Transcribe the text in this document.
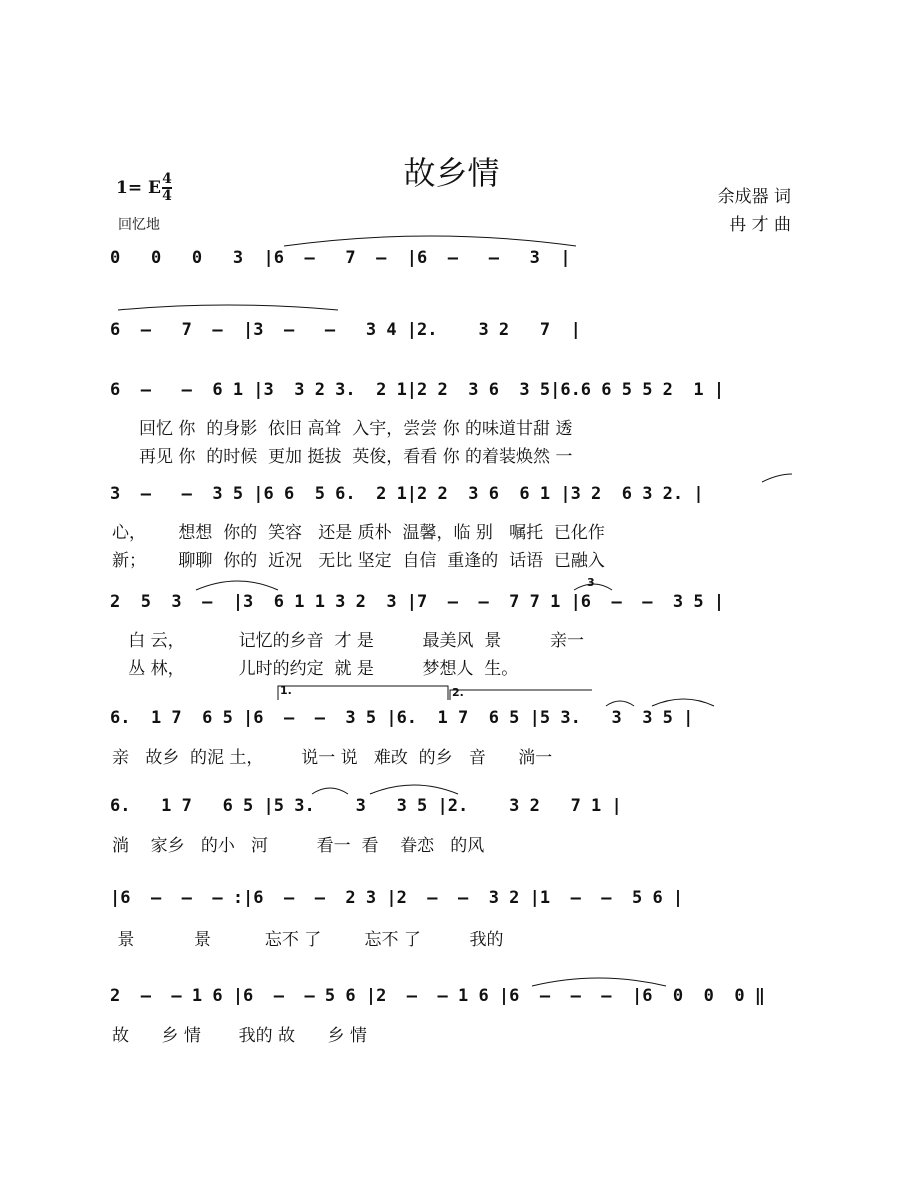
故乡情
1= E 4
4
回忆地
余成器 词
冉 才 曲
0   0   0   3  |6  –   7  –  |6  –   –   3  |
6  –   7  –  |3  –   –   3 4 |2.    3 2   7  |
6  –   –  6 1 |3  3 2 3.  2 1|2 2  3 6  3 5|6.6 6 5 5 2  1 |
回忆 你  的身影  依旧 高耸  入宇，尝尝 你 的味道甘甜 透
再见 你  的时候  更加 挺拔  英俊，看看 你 的着装焕然 一
3  –   –  3 5 |6 6  5 6.  2 1|2 2  3 6  6 1 |3 2  6 3 2. |
心，      想想  你的  笑容   还是 质朴  温馨，临 别   嘱托  已化作
新；      聊聊  你的  近况   无比 坚定  自信  重逢的  话语  已融入
2  5  3  –  |3  6 1 1 3 2  3 |7  –  –  7 7 1 |6  –  –  3 5 |
白 云，          记忆的乡音  才 是         最美风  景         亲一
丛 林，          儿时的约定  就 是         梦想人  生。
6.  1 7  6 5 |6  –  –  3 5 |6.  1 7  6 5 |5 3.   3  3 5 |
亲   故乡  的泥 土，       说一 说   难改  的乡   音      淌一
6.   1 7   6 5 |5 3.    3   3 5 |2.    3 2   7 1 |
淌    家乡   的小   河         看一  看    眷恋   的风
|6  –  –  – :|6  –  –  2 3 |2  –  –  3 2 |1  –  –  5 6 |
景           景          忘不 了        忘不 了         我的
2  –  – 1 6 |6  –  – 5 6 |2  –  – 1 6 |6  –  –  –  |6  0  0  0 ‖
故      乡 情       我的 故      乡 情
1.	2.
3
